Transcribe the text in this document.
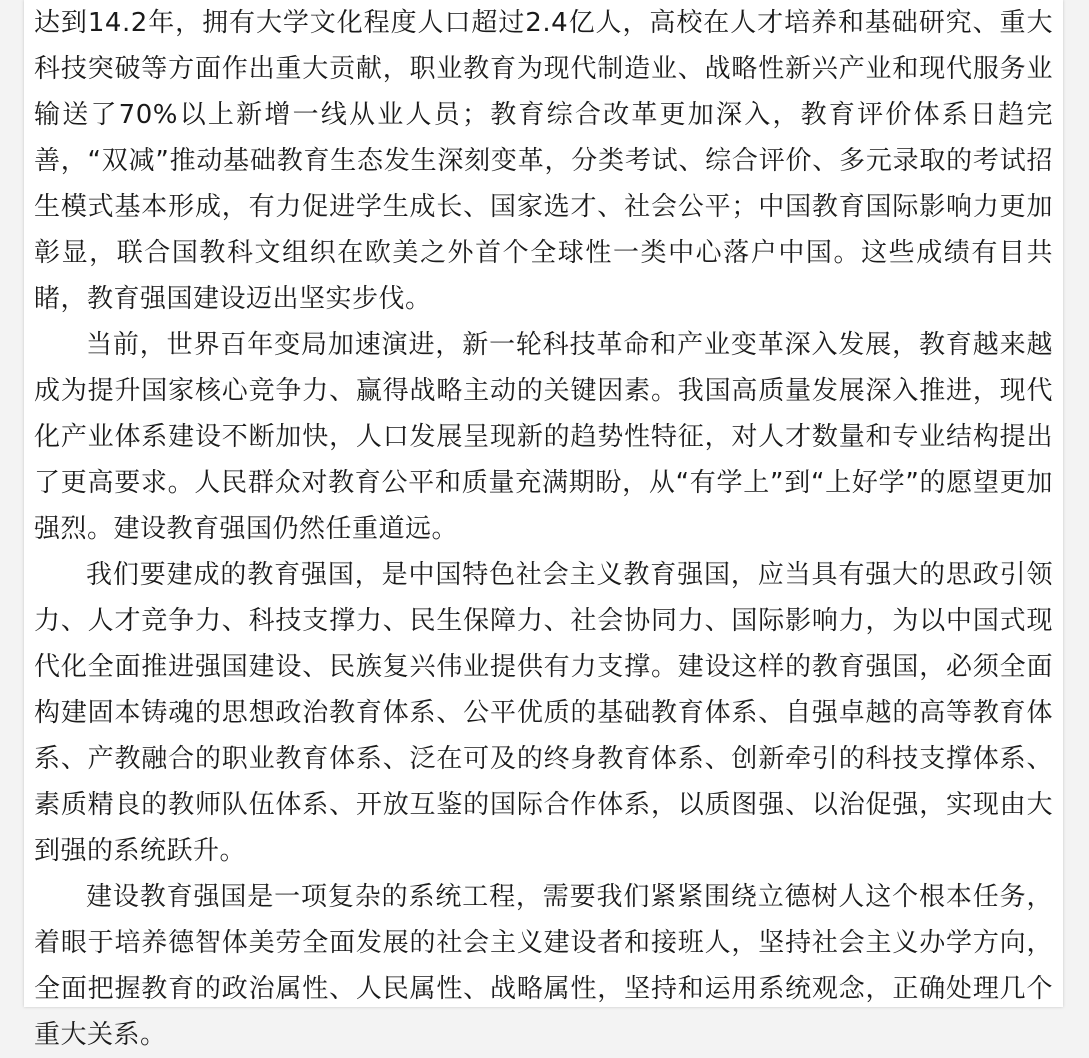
达到14.2年，拥有大学文化程度人口超过2.4亿人，高校在人才培养和基础研究、重大科技突破等方面作出重大贡献，职业教育为现代制造业、战略性新兴产业和现代服务业输送了70%以上新增一线从业人员；教育综合改革更加深入，教育评价体系日趋完善，“双减”推动基础教育生态发生深刻变革，分类考试、综合评价、多元录取的考试招生模式基本形成，有力促进学生成长、国家选才、社会公平；中国教育国际影响力更加彰显，联合国教科文组织在欧美之外首个全球性一类中心落户中国。这些成绩有目共睹，教育强国建设迈出坚实步伐。

当前，世界百年变局加速演进，新一轮科技革命和产业变革深入发展，教育越来越成为提升国家核心竞争力、赢得战略主动的关键因素。我国高质量发展深入推进，现代化产业体系建设不断加快，人口发展呈现新的趋势性特征，对人才数量和专业结构提出了更高要求。人民群众对教育公平和质量充满期盼，从“有学上”到“上好学”的愿望更加强烈。建设教育强国仍然任重道远。

我们要建成的教育强国，是中国特色社会主义教育强国，应当具有强大的思政引领力、人才竞争力、科技支撑力、民生保障力、社会协同力、国际影响力，为以中国式现代化全面推进强国建设、民族复兴伟业提供有力支撑。建设这样的教育强国，必须全面构建固本铸魂的思想政治教育体系、公平优质的基础教育体系、自强卓越的高等教育体系、产教融合的职业教育体系、泛在可及的终身教育体系、创新牵引的科技支撑体系、素质精良的教师队伍体系、开放互鉴的国际合作体系，以质图强、以治促强，实现由大到强的系统跃升。

建设教育强国是一项复杂的系统工程，需要我们紧紧围绕立德树人这个根本任务，着眼于培养德智体美劳全面发展的社会主义建设者和接班人，坚持社会主义办学方向，全面把握教育的政治属性、人民属性、战略属性，坚持和运用系统观念，正确处理几个重大关系。
